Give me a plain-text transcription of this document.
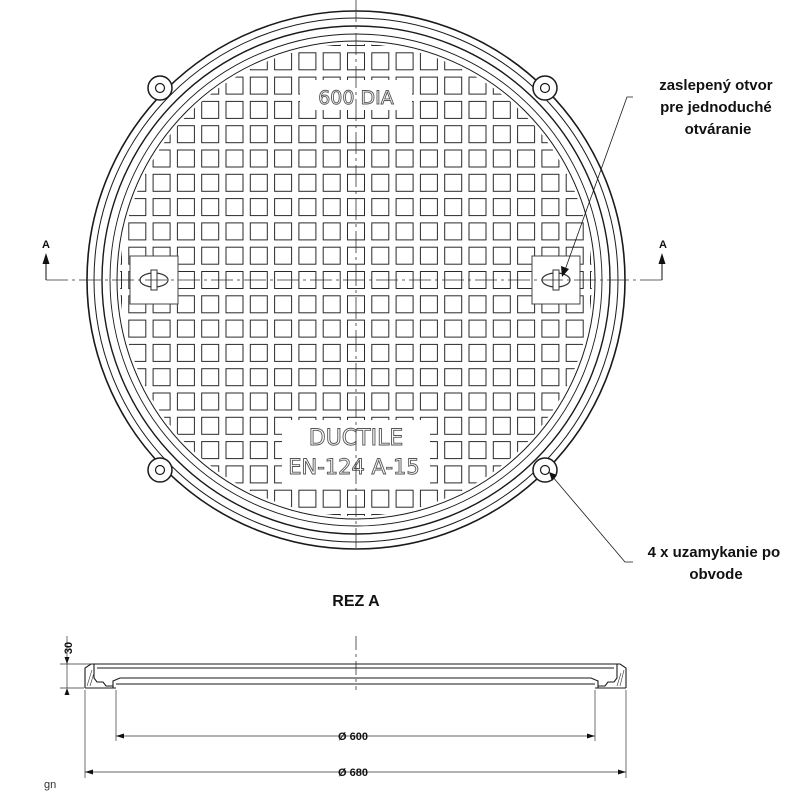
600 DIA
DUCTILE
EN-124 A-15
A	A
zaslepený otvor pre jednoduché otváranie
4 x uzamykanie po obvode
REZ A
30
Ø 600
Ø 680
gn
